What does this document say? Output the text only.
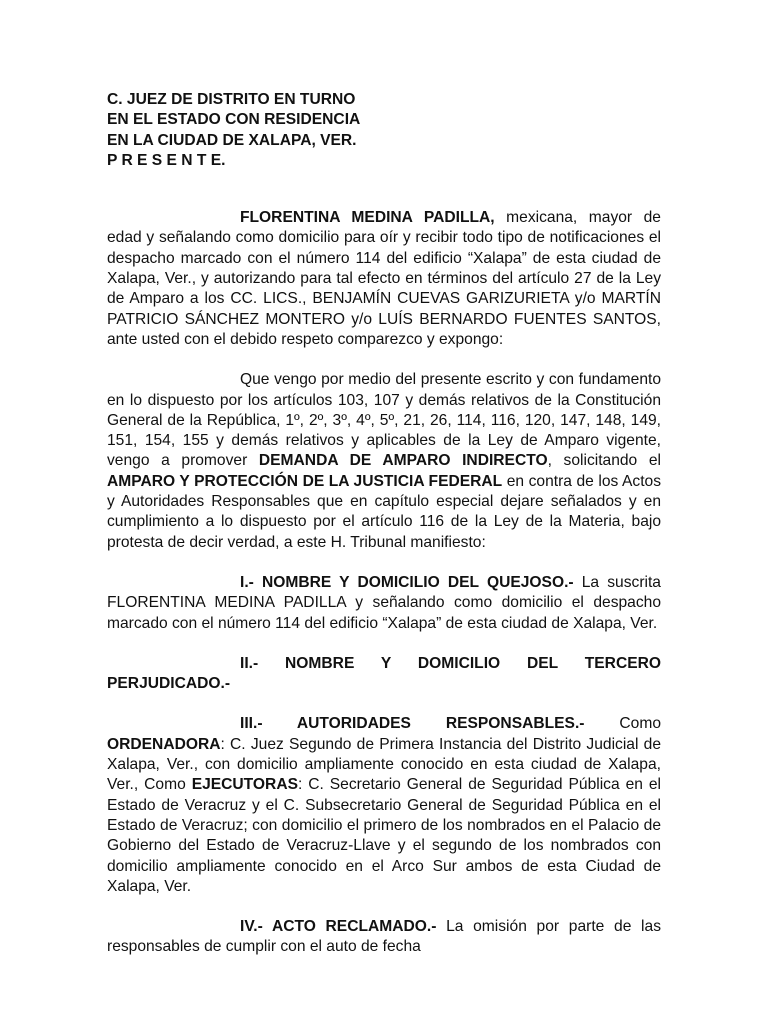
C. JUEZ DE DISTRITO EN TURNO
EN EL ESTADO CON RESIDENCIA
EN LA CIUDAD DE XALAPA, VER.
P R E S E N T E.

FLORENTINA MEDINA PADILLA, mexicana, mayor de edad y señalando como domicilio para oír y recibir todo tipo de notificaciones el despacho marcado con el número 114 del edificio “Xalapa” de esta ciudad de Xalapa, Ver., y autorizando para tal efecto en términos del artículo 27 de la Ley de Amparo a los CC. LICS., BENJAMÍN CUEVAS GARIZURIETA y/o MARTÍN PATRICIO SÁNCHEZ MONTERO y/o LUÍS BERNARDO FUENTES SANTOS, ante usted con el debido respeto comparezco y expongo:

Que vengo por medio del presente escrito y con fundamento en lo dispuesto por los artículos 103, 107 y demás relativos de la Constitución General de la República, 1º, 2º, 3º, 4º, 5º, 21, 26, 114, 116, 120, 147, 148, 149, 151, 154, 155 y demás relativos y aplicables de la Ley de Amparo vigente, vengo a promover DEMANDA DE AMPARO INDIRECTO, solicitando el AMPARO Y PROTECCIÓN DE LA JUSTICIA FEDERAL en contra de los Actos y Autoridades Responsables que en capítulo especial dejare señalados y en cumplimiento a lo dispuesto por el artículo 116 de la Ley de la Materia, bajo protesta de decir verdad, a este H. Tribunal manifiesto:

I.- NOMBRE Y DOMICILIO DEL QUEJOSO.- La suscrita FLORENTINA MEDINA PADILLA y señalando como domicilio el despacho marcado con el número 114 del edificio “Xalapa” de esta ciudad de Xalapa, Ver.

II.- NOMBRE Y DOMICILIO DEL TERCERO PERJUDICADO.-

III.- AUTORIDADES RESPONSABLES.- Como ORDENADORA: C. Juez Segundo de Primera Instancia del Distrito Judicial de Xalapa, Ver., con domicilio ampliamente conocido en esta ciudad de Xalapa, Ver., Como EJECUTORAS: C. Secretario General de Seguridad Pública en el Estado de Veracruz y el C. Subsecretario General de Seguridad Pública en el Estado de Veracruz; con domicilio el primero de los nombrados en el Palacio de Gobierno del Estado de Veracruz-Llave y el segundo de los nombrados con domicilio ampliamente conocido en el Arco Sur ambos de esta Ciudad de Xalapa, Ver.

IV.- ACTO RECLAMADO.- La omisión por parte de las responsables de cumplir con el auto de fecha
